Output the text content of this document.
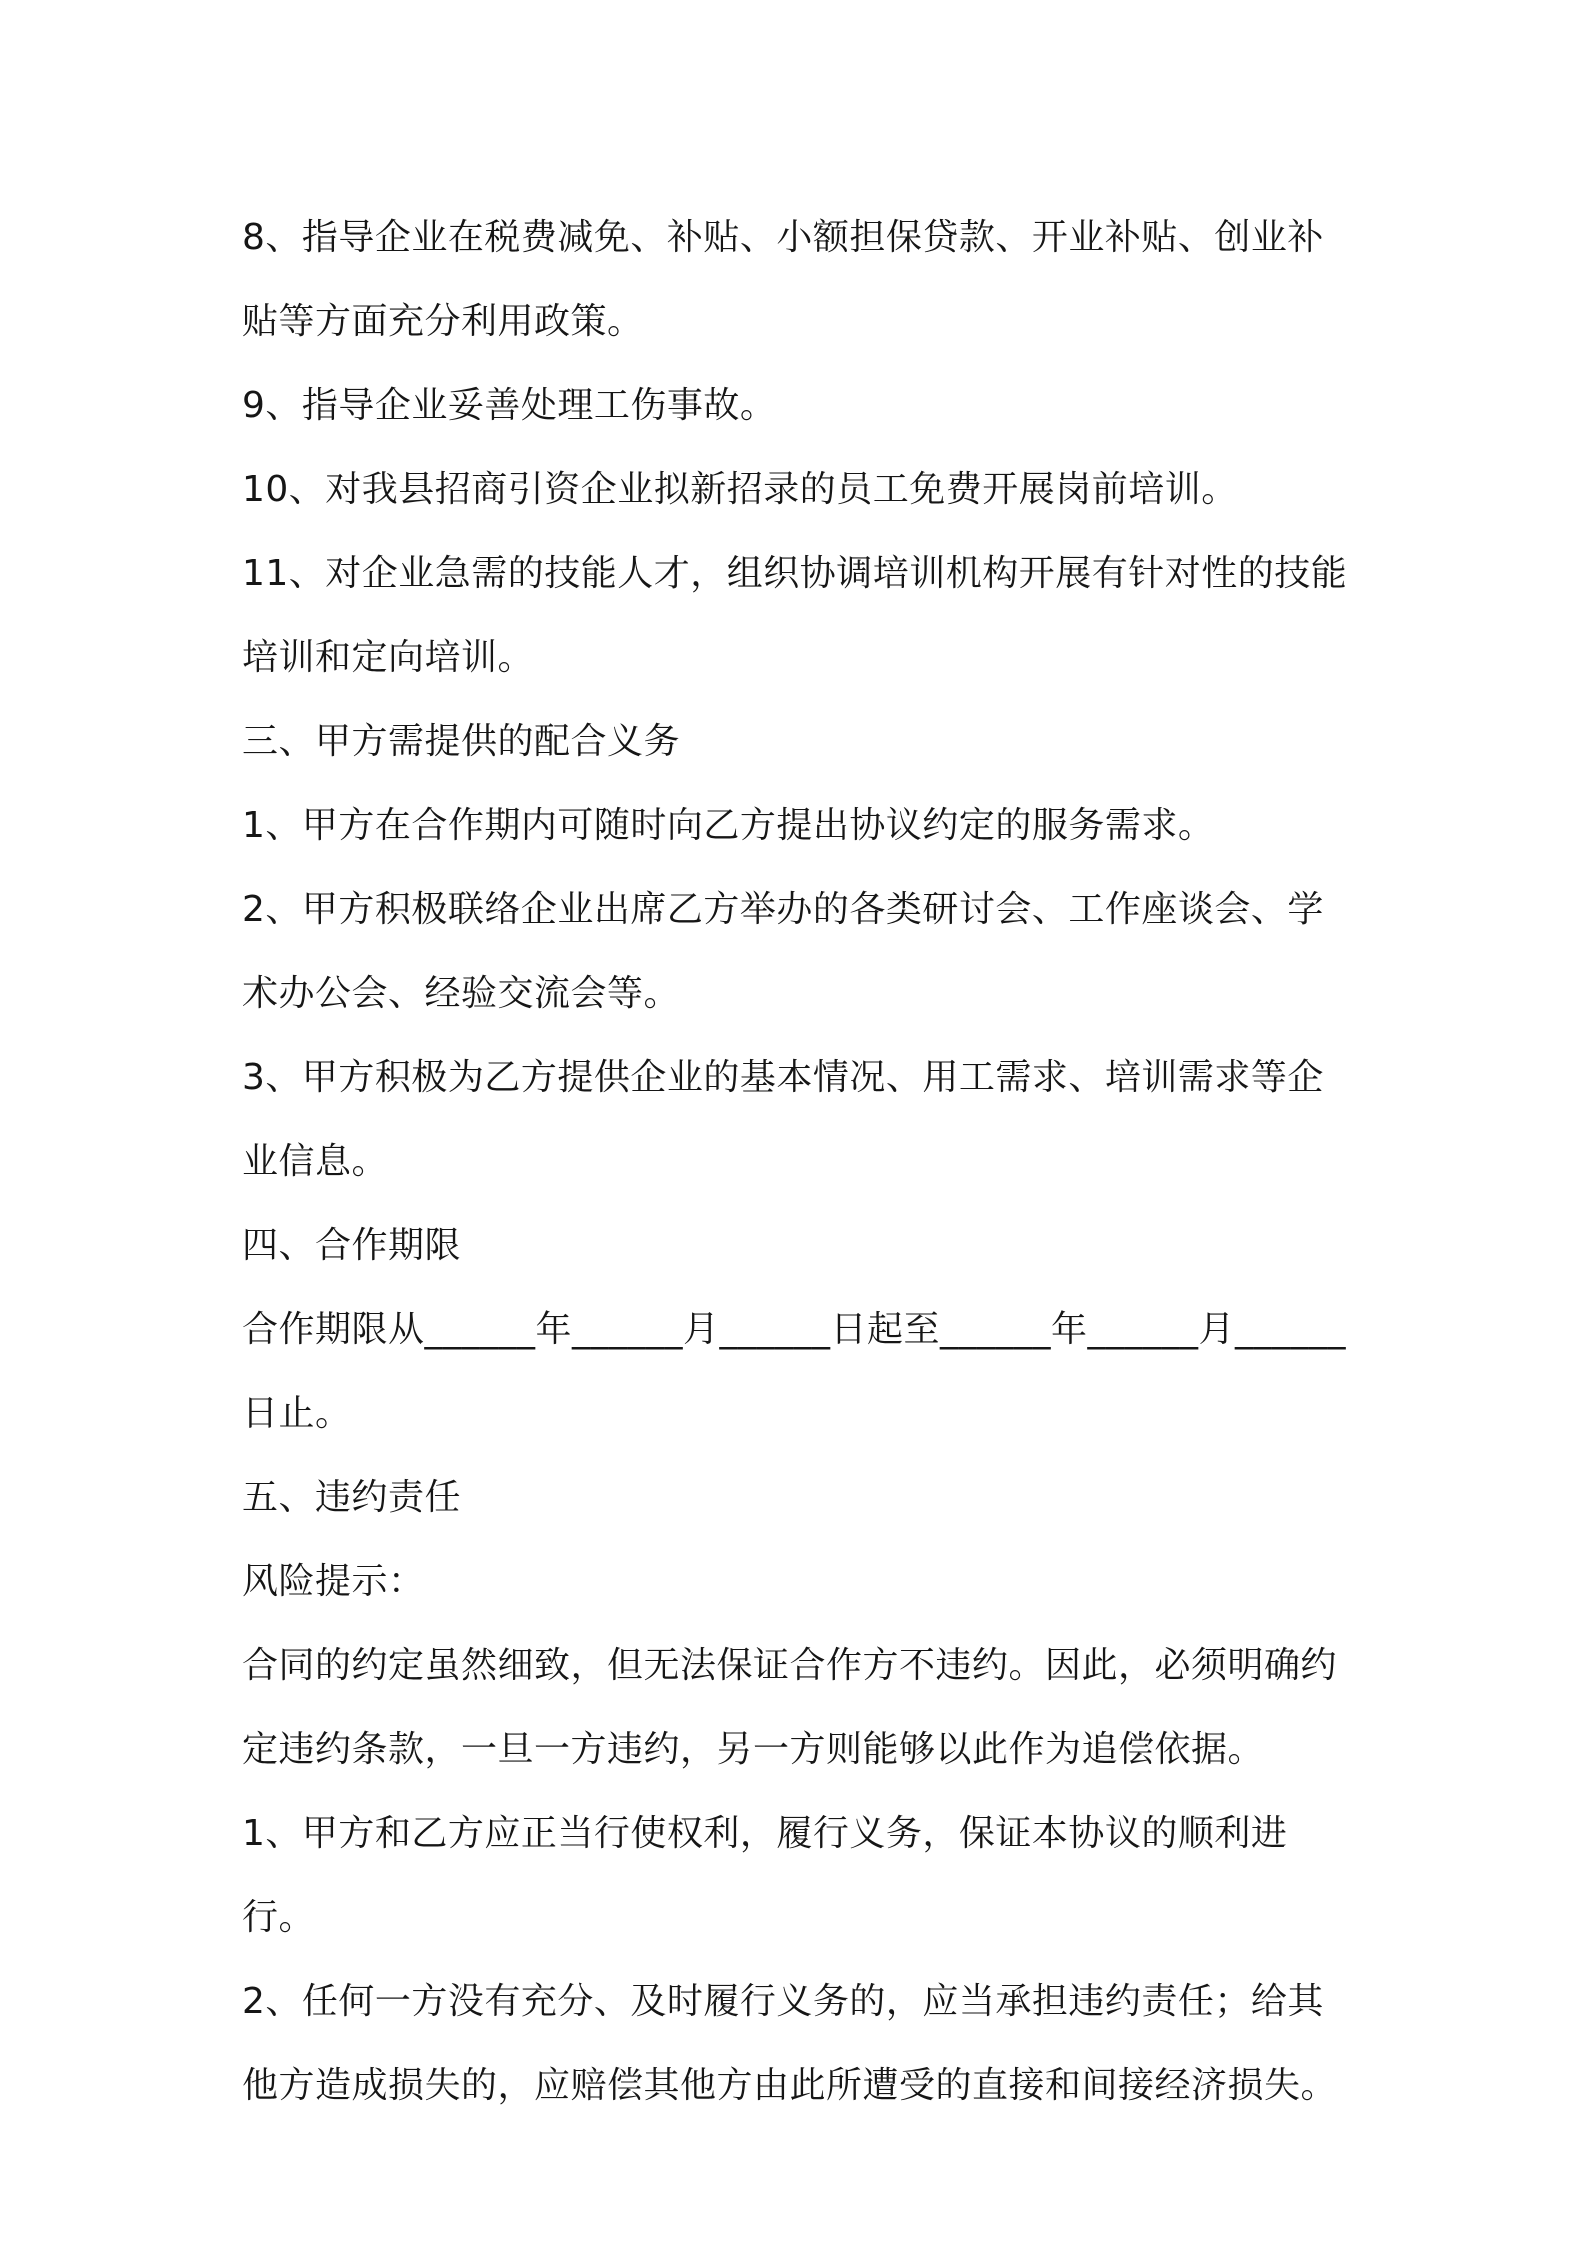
8、指导企业在税费减免、补贴、小额担保贷款、开业补贴、创业补贴等方面充分利用政策。

9、指导企业妥善处理工伤事故。

10、对我县招商引资企业拟新招录的员工免费开展岗前培训。

11、对企业急需的技能人才，组织协调培训机构开展有针对性的技能培训和定向培训。

三、甲方需提供的配合义务

1、甲方在合作期内可随时向乙方提出协议约定的服务需求。

2、甲方积极联络企业出席乙方举办的各类研讨会、工作座谈会、学术办公会、经验交流会等。

3、甲方积极为乙方提供企业的基本情况、用工需求、培训需求等企业信息。

四、合作期限

合作期限从______年______月______日起至______年______月______日止。

五、违约责任

风险提示：

合同的约定虽然细致，但无法保证合作方不违约。因此，必须明确约定违约条款，一旦一方违约，另一方则能够以此作为追偿依据。

1、甲方和乙方应正当行使权利，履行义务，保证本协议的顺利进行。

2、任何一方没有充分、及时履行义务的，应当承担违约责任；给其他方造成损失的，应赔偿其他方由此所遭受的直接和间接经济损失。
